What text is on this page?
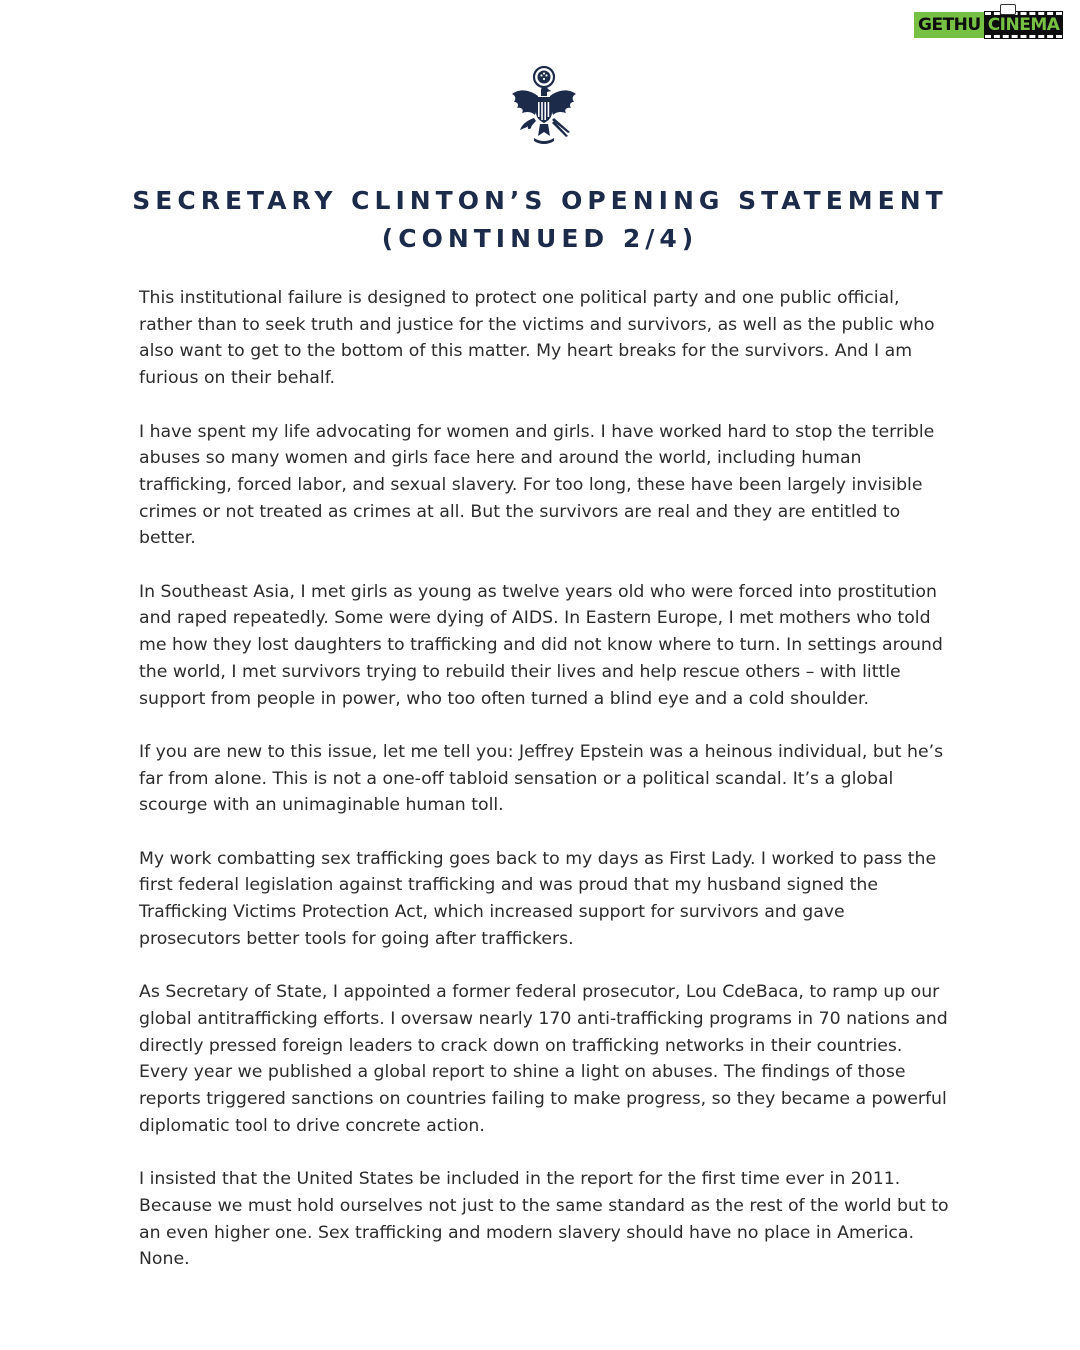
GETHU CINEMA
SECRETARY CLINTON’S OPENING STATEMENT
(CONTINUED 2/4)

This institutional failure is designed to protect one political party and one public official, rather than to seek truth and justice for the victims and survivors, as well as the public who also want to get to the bottom of this matter. My heart breaks for the survivors. And I am furious on their behalf.

I have spent my life advocating for women and girls. I have worked hard to stop the terrible abuses so many women and girls face here and around the world, including human trafficking, forced labor, and sexual slavery. For too long, these have been largely invisible crimes or not treated as crimes at all. But the survivors are real and they are entitled to better.

In Southeast Asia, I met girls as young as twelve years old who were forced into prostitution and raped repeatedly. Some were dying of AIDS. In Eastern Europe, I met mothers who told me how they lost daughters to trafficking and did not know where to turn. In settings around the world, I met survivors trying to rebuild their lives and help rescue others – with little support from people in power, who too often turned a blind eye and a cold shoulder.

If you are new to this issue, let me tell you: Jeffrey Epstein was a heinous individual, but he’s far from alone. This is not a one-off tabloid sensation or a political scandal. It’s a global scourge with an unimaginable human toll.

My work combatting sex trafficking goes back to my days as First Lady. I worked to pass the first federal legislation against trafficking and was proud that my husband signed the Trafficking Victims Protection Act, which increased support for survivors and gave prosecutors better tools for going after traffickers.

As Secretary of State, I appointed a former federal prosecutor, Lou CdeBaca, to ramp up our global antitrafficking efforts. I oversaw nearly 170 anti-trafficking programs in 70 nations and directly pressed foreign leaders to crack down on trafficking networks in their countries. Every year we published a global report to shine a light on abuses. The findings of those reports triggered sanctions on countries failing to make progress, so they became a powerful diplomatic tool to drive concrete action.

I insisted that the United States be included in the report for the first time ever in 2011. Because we must hold ourselves not just to the same standard as the rest of the world but to an even higher one. Sex trafficking and modern slavery should have no place in America. None.
